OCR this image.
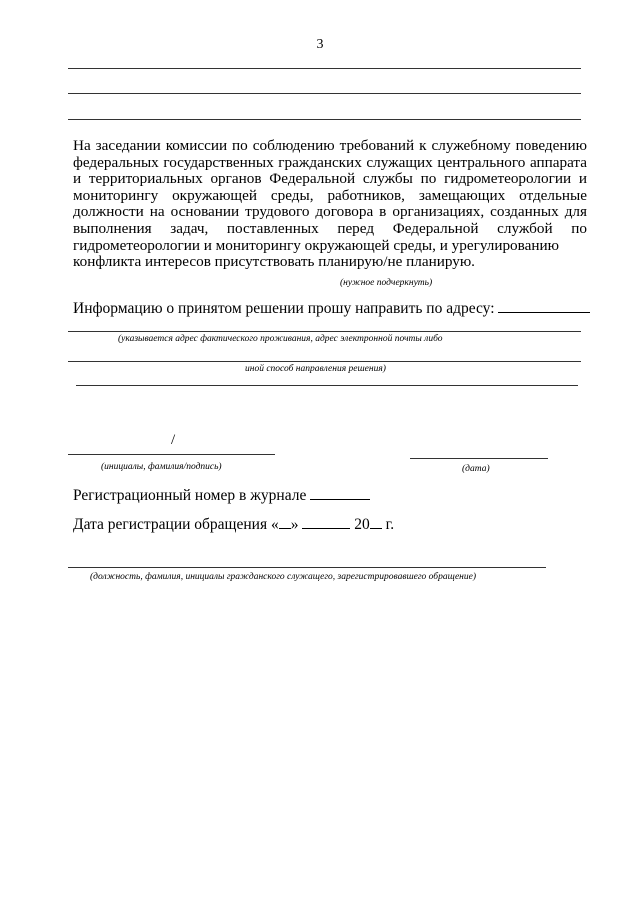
3
На заседании комиссии по соблюдению требований к служебному поведению федеральных государственных гражданских служащих центрального аппарата и территориальных органов Федеральной службы по гидрометеорологии и мониторингу окружающей среды, работников, замещающих отдельные должности на основании трудового договора в организациях, созданных для выполнения задач, поставленных перед Федеральной службой по гидрометеорологии и мониторингу окружающей среды, и урегулированию
конфликта интересов присутствовать планирую/не планирую.
(нужное подчеркнуть)
Информацию о принятом решении прошу направить по адресу:
(указывается адрес фактического проживания, адрес электронной почты либо
иной способ направления решения)
/
(инициалы, фамилия/подпись)	(дата)
Регистрационный номер в журнале
Дата регистрации обращения « »	20 г.
(должность, фамилия, инициалы гражданского служащего, зарегистрировавшего обращение)
